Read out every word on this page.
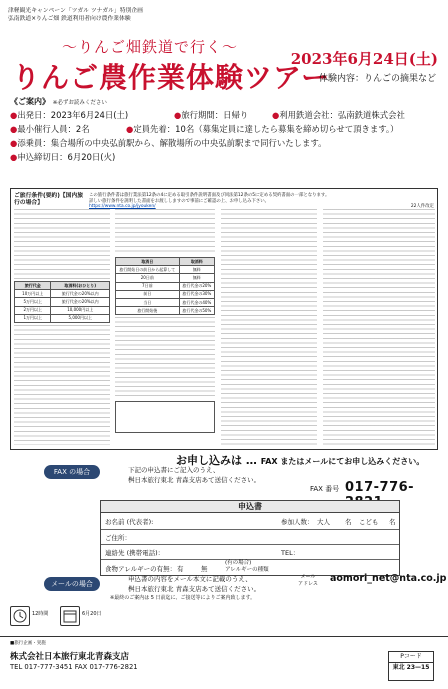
津軽観光キャンペーン「ツガル ツナガル」特別企画
弘南鉄道×りんご畑 鉄道利用者向け農作業体験
〜りんご畑鉄道で行く〜
りんご農作業体験ツアー
2023年6月24日(土)
体験内容：りんごの摘果など
《ご案内》 ※必ずお読みください
●出発日：2023年6月24日(土)	●旅行期間：日帰り	●利用鉄道会社：弘南鉄道株式会社
●最小催行人員：2名	●定員先着：10名（募集定員に達したら募集を締め切らせて頂きます。）
●添乗員：集合場所の中央弘前駅から、解散場所の中央弘前駅まで同行いたします。
●申込締切日：6月20日(火)
ご旅行条件(要約)【国内旅行の場合】
この旅行条件書は旅行業法第12条の4に定める取引条件説明書面及び同法第12条の5に定める契約書面の一部となります。
詳しい旅行条件を説明した書面をお渡ししますので事前にご確認の上、お申し込み下さい。
https://www.nta.co.jp/jyouken/	22人件改定
旅行代金	取消料(おひとり)
10万円以上	旅行代金の20%以内
5万円以上	旅行代金の20%以内
2万円以上	10,000円以上
1万円以上	5,000円以上
取消日	取消料
旅行開始日の前日から起算して	無料
20日前	無料
7日前	旅行代金の20%
前日	旅行代金の30%
当日	旅行代金の40%
旅行開始後	旅行代金の50%
お申し込みは … FAX またはメールにてお申し込みください。
FAX の場合	下記の申込書にご記入のうえ、
桝日本旅行東北 青森支店あて送信ください。
FAX 番号 017-776-
申込書
お名前 (代表者):	参加人数： 大人 名 こども 名
ご住所：
連絡先 (携帯電話)：	TEL：
食物アレルギーの有無： 有	無
(有の場合)
アレルギーの種類
メールの場合
申込書の内容をメール本文に記載のうえ、
桝日本旅行東北 青森支店あて送信ください。
メール
アドレス aomori_net@nta.co.jp
※最終のご案内は 5 日前迄に、ご接送等によりご案内致します。
12時間	6月20日
■旅行企画・実施
株式会社日本旅行東北青森支店
TEL 017-777-3451 FAX 017-776-2821
Pコード
東北 23—15
